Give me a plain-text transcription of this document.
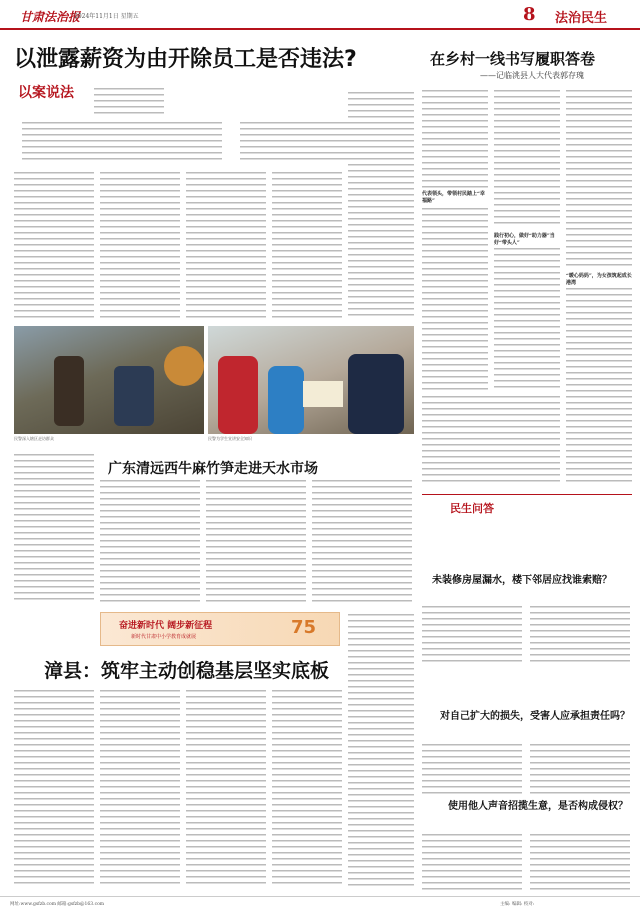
甘肃法治报
2024年11月1日 星期五	8 法治民生
以泄露薪资为由开除员工是否违法?
以案说法
民警深入辖区走访群众	民警为学生宣讲安全知识
广东清远西牛麻竹笋走进天水市场
奋进新时代 阔步新征程
新时代甘肃中小学教育成就展	75
漳县：筑牢主动创稳基层坚实底板
在乡村一线书写履职答卷
——记临洮县人大代表郭存瑰
代表领头，带领村民踏上“幸福路”
践行初心，做好“助力器”当好“带头人”
“暖心妈妈”，为女孩筑起成长港湾
民生问答
未装修房屋漏水，楼下邻居应找谁索赔？
对自己扩大的损失，受害人应承担责任吗？
使用他人声音招揽生意，是否构成侵权？
网址:www.gsfzb.com 邮箱:gsfzb@163.com	主编: 编辑: 校对:
